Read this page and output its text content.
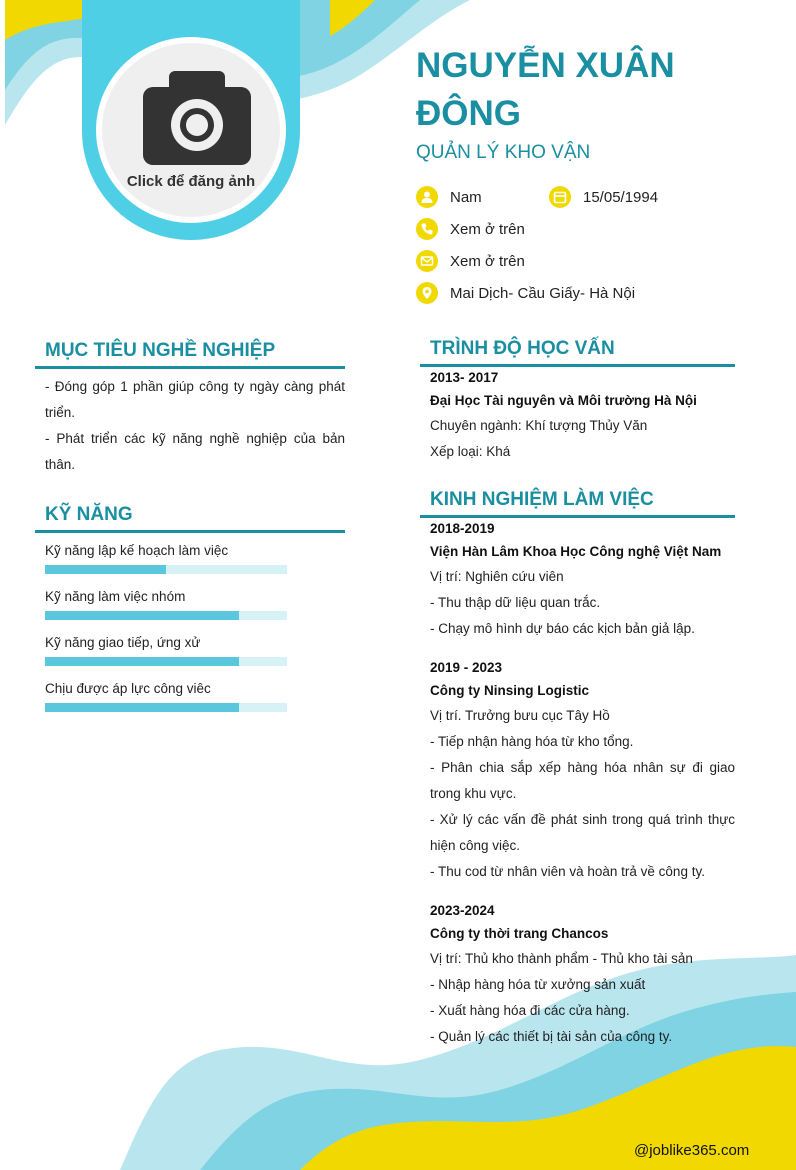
Click để đăng ảnh
NGUYỄN XUÂN ĐÔNG
QUẢN LÝ KHO VẬN
Nam	15/05/1994
Xem ở trên
Xem ở trên
Mai Dịch- Cầu Giấy- Hà Nội
MỤC TIÊU NGHỀ NGHIỆP
- Đóng góp 1 phần giúp công ty ngày càng phát triển.
- Phát triển các kỹ năng nghề nghiệp của bản thân.
KỸ NĂNG
Kỹ năng lập kế hoạch làm việc
Kỹ năng làm việc nhóm
Kỹ năng giao tiếp, ứng xử
Chịu được áp lực công viêc
TRÌNH ĐỘ HỌC VẤN
2013- 2017
Đại Học Tài nguyên và Môi trường Hà Nội
Chuyên ngành: Khí tượng Thủy Văn
Xếp loại: Khá
KINH NGHIỆM LÀM VIỆC
2018-2019
Viện Hàn Lâm Khoa Học Công nghệ Việt Nam
Vị trí: Nghiên cứu viên
- Thu thập dữ liệu quan trắc.
- Chạy mô hình dự báo các kịch bản giả lập.
2019 - 2023
Công ty Ninsing Logistic
Vị trí. Trưởng bưu cục Tây Hồ
- Tiếp nhận hàng hóa từ kho tổng.
- Phân chia sắp xếp hàng hóa nhân sự đi giao trong khu vực.
- Xử lý các vấn đề phát sinh trong quá trình thực hiện công việc.
- Thu cod từ nhân viên và hoàn trả về công ty.
2023-2024
Công ty thời trang Chancos
Vị trí: Thủ kho thành phẩm - Thủ kho tài sản
- Nhập hàng hóa từ xưởng sản xuất
- Xuất hàng hóa đi các cửa hàng.
- Quản lý các thiết bị tài sản của công ty.
@joblike365.com
